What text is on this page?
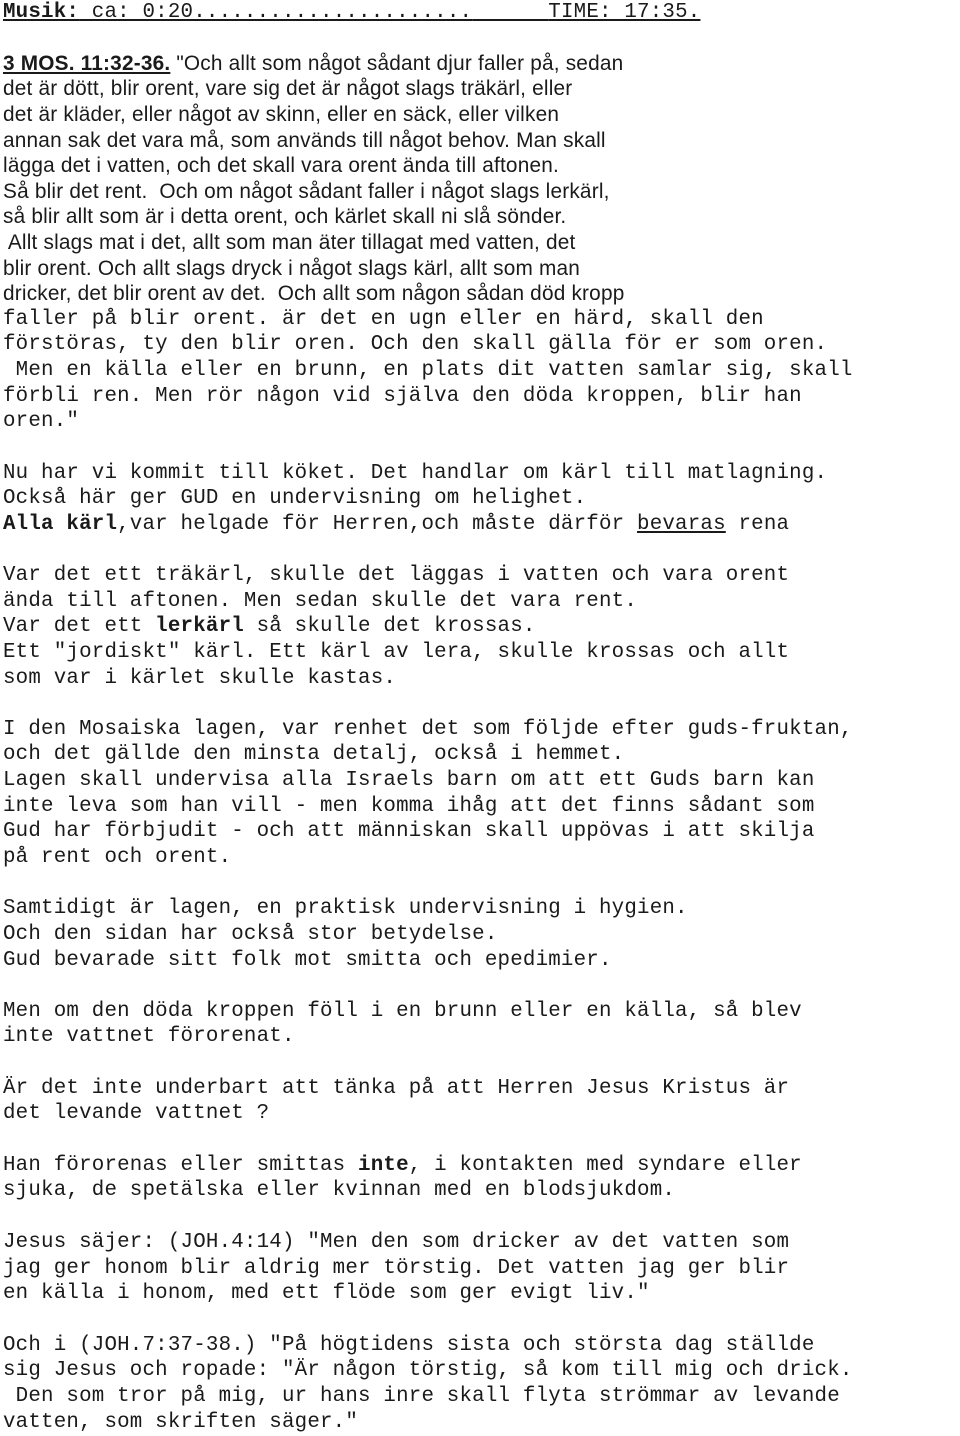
Musik: ca: 0:20......................	TIME: 17:35.
3 MOS. 11:32-36. "Och allt som något sådant djur faller på, sedan
det är dött, blir orent, vare sig det är något slags träkärl, eller
det är kläder, eller något av skinn, eller en säck, eller vilken
annan sak det vara må, som används till något behov. Man skall
lägga det i vatten, och det skall vara orent ända till aftonen.
Så blir det rent.  Och om något sådant faller i något slags lerkärl,
så blir allt som är i detta orent, och kärlet skall ni slå sönder.
Allt slags mat i det, allt som man äter tillagat med vatten, det
blir orent. Och allt slags dryck i något slags kärl, allt som man
dricker, det blir orent av det.  Och allt som någon sådan död kropp
faller på blir orent. är det en ugn eller en härd, skall den
förstöras, ty den blir oren. Och den skall gälla för er som oren.
Men en källa eller en brunn, en plats dit vatten samlar sig, skall
förbli ren. Men rör någon vid själva den döda kroppen, blir han
oren."
Nu har vi kommit till köket. Det handlar om kärl till matlagning.
Också här ger GUD en undervisning om helighet.
Alla kärl,var helgade för Herren,och måste därför bevaras rena
Var det ett träkärl, skulle det läggas i vatten och vara orent
ända till aftonen. Men sedan skulle det vara rent.
Var det ett lerkärl så skulle det krossas.
Ett "jordiskt" kärl. Ett kärl av lera, skulle krossas och allt
som var i kärlet skulle kastas.
I den Mosaiska lagen, var renhet det som följde efter guds-fruktan,
och det gällde den minsta detalj, också i hemmet.
Lagen skall undervisa alla Israels barn om att ett Guds barn kan
inte leva som han vill - men komma ihåg att det finns sådant som
Gud har förbjudit - och att människan skall uppövas i att skilja
på rent och orent.
Samtidigt är lagen, en praktisk undervisning i hygien.
Och den sidan har också stor betydelse.
Gud bevarade sitt folk mot smitta och epedimier.
Men om den döda kroppen föll i en brunn eller en källa, så blev
inte vattnet förorenat.
Är det inte underbart att tänka på att Herren Jesus Kristus är
det levande vattnet ?
Han förorenas eller smittas inte, i kontakten med syndare eller
sjuka, de spetälska eller kvinnan med en blodsjukdom.
Jesus säjer: (JOH.4:14) "Men den som dricker av det vatten som
jag ger honom blir aldrig mer törstig. Det vatten jag ger blir
en källa i honom, med ett flöde som ger evigt liv."
Och i (JOH.7:37-38.) "På högtidens sista och största dag ställde
sig Jesus och ropade: "Är någon törstig, så kom till mig och drick.
Den som tror på mig, ur hans inre skall flyta strömmar av levande
vatten, som skriften säger."
